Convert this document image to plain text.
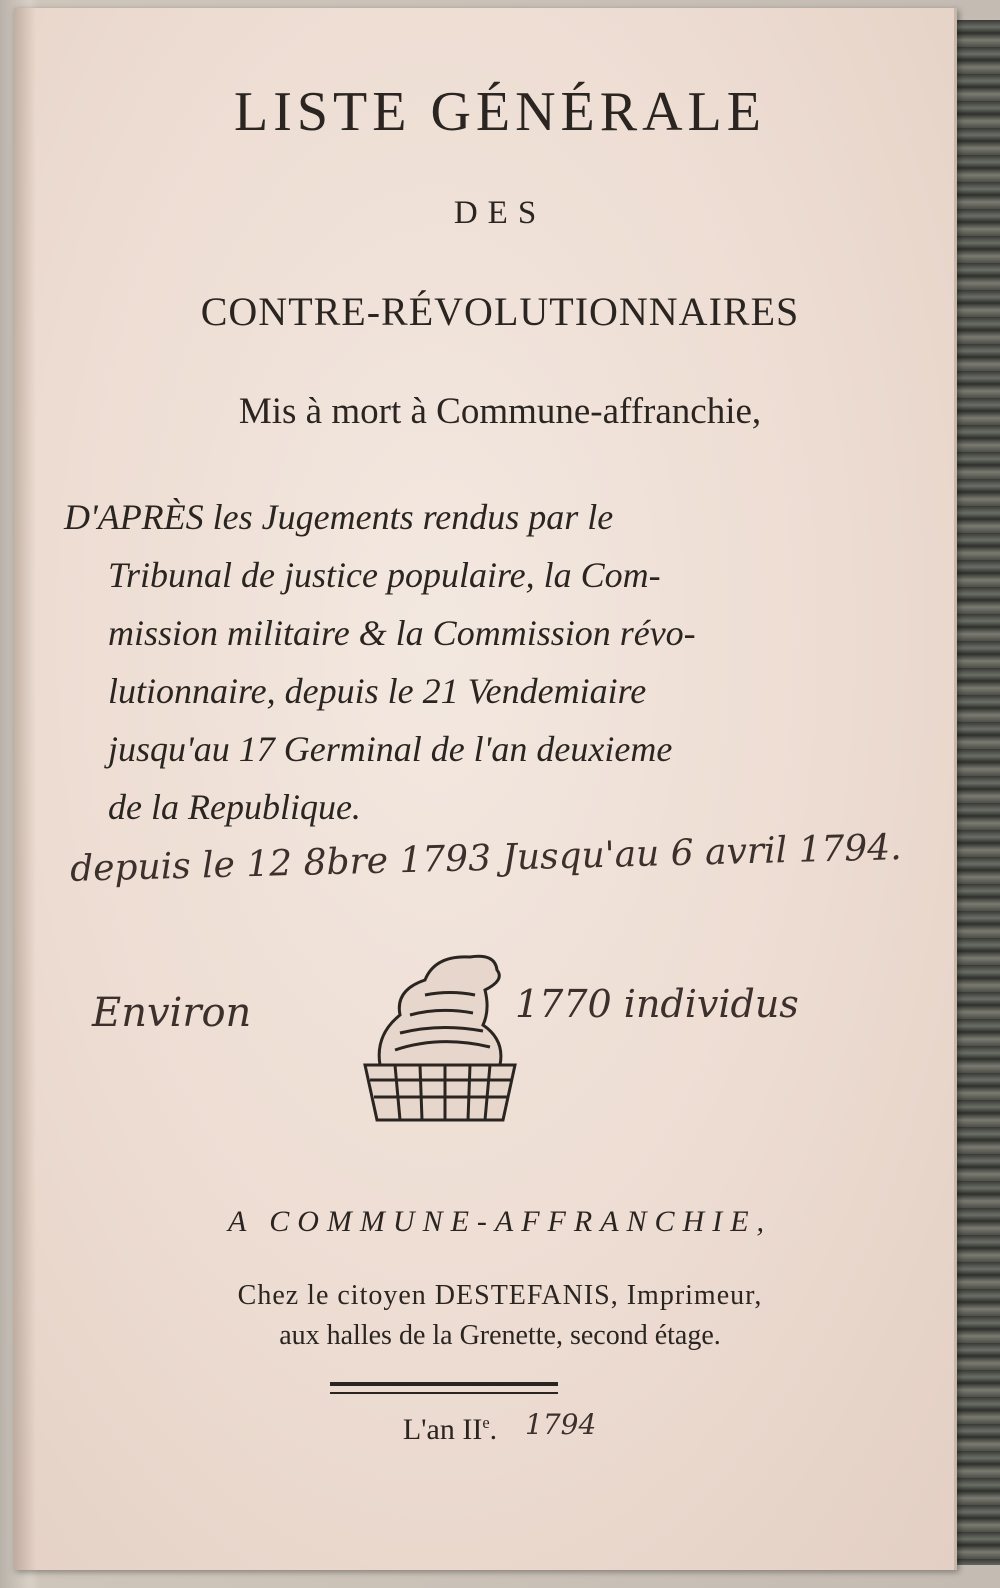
LISTE GÉNÉRALE
DES
CONTRE-RÉVOLUTIONNAIRES
Mis à mort à Commune-affranchie,
D'APRÈS les Jugements rendus par le
Tribunal de justice populaire, la Com-
mission militaire & la Commission révo-
lutionnaire, depuis le 21 Vendemiaire
jusqu'au 17 Germinal de l'an deuxieme
de la Republique.
depuis le 12 8bre 1793 Jusqu'au 6 avril 1794.
Environ	1770 individus
A COMMUNE-AFFRANCHIE,
Chez le citoyen DESTEFANIS, Imprimeur,
aux halles de la Grenette, second étage.
L'an IIe. 1794
